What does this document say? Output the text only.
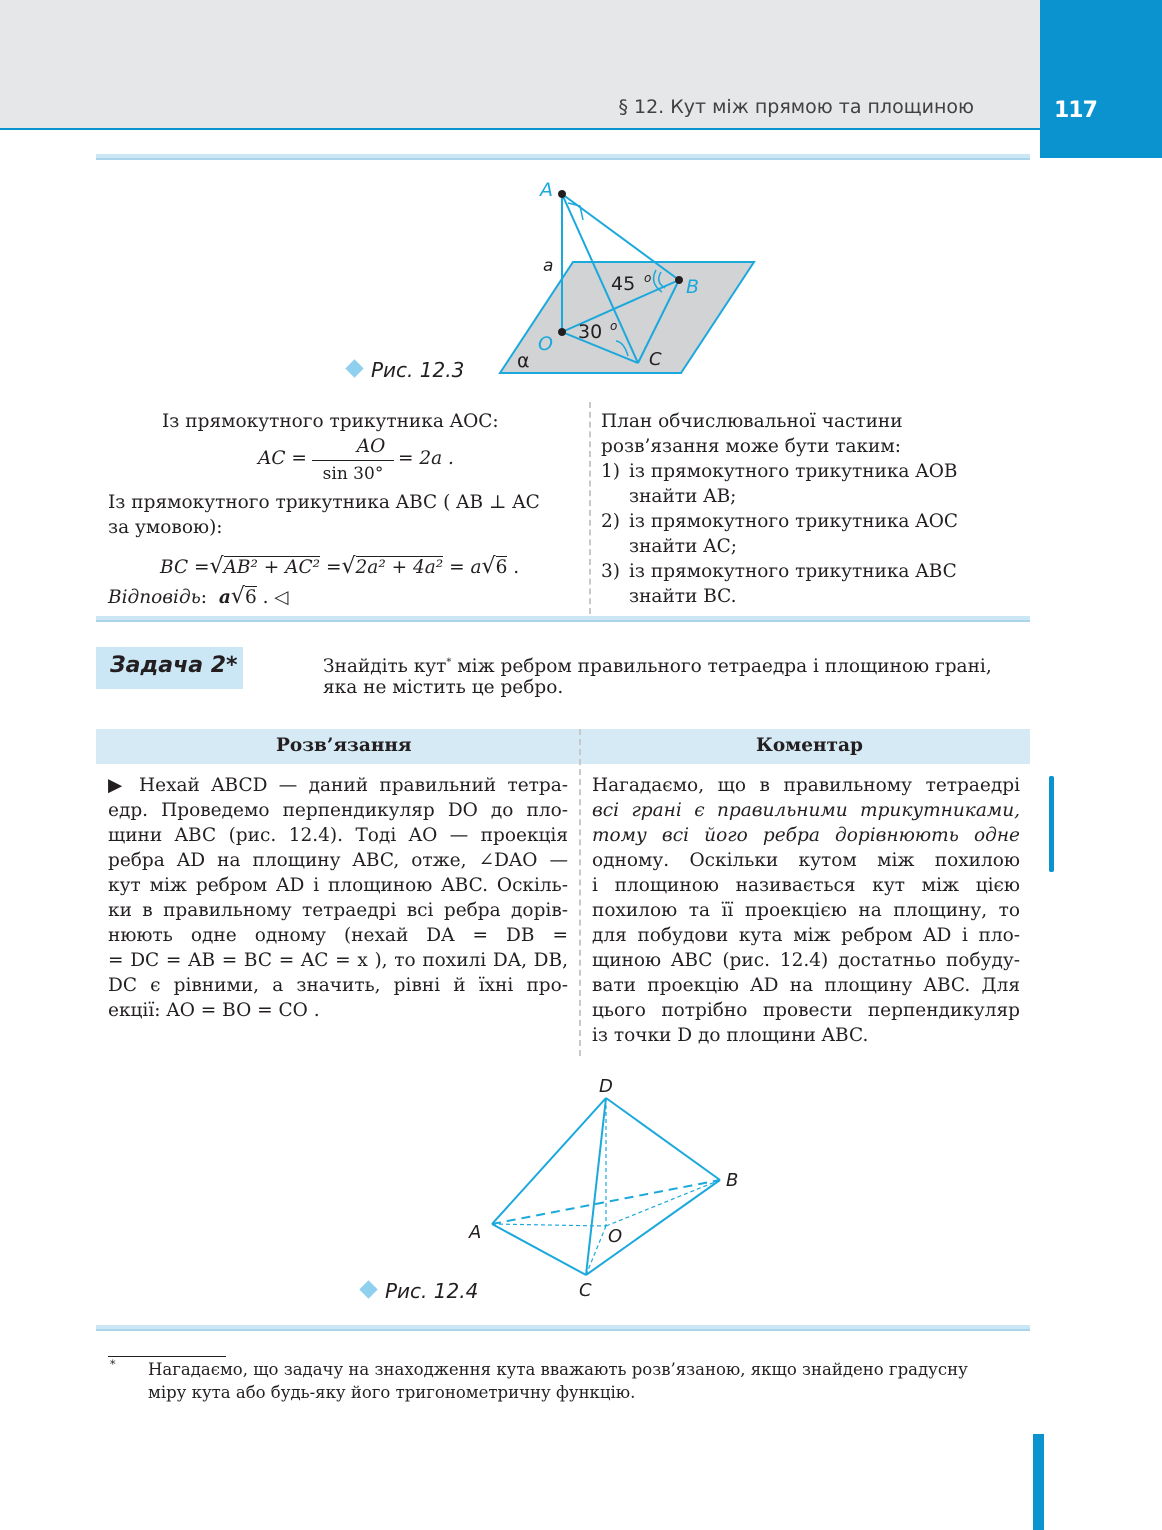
§ 12. Кут між прямою та площиною	117
A
B
O
C
a
α
45 o
30 o
Рис. 12.3
Із прямокутного трикутника AOC:
AC =
AO
sin 30°
= 2a .
Із прямокутного трикутника ABC ( AB ⊥ AC
за умовою):
BC =√AB² + AC² =√2a² + 4a² = a√6 .
Відповідь: a√6 . ◁
План обчислювальної частини
розв’язання може бути таким:
1) із прямокутного трикутника AOB
знайти AB;
2) із прямокутного трикутника AOC
знайти AC;
3) із прямокутного трикутника ABC
знайти BC.
Задача 2*	Знайдіть кут* між ребром правильного тетраедра і площиною грані,
яка не містить це ребро.
Розв’язання	Коментар
▶ Нехай ABCD — даний правильний тетра-
едр. Проведемо перпендикуляр DO до пло-
щини ABC (рис. 12.4). Тоді AO — проекція
ребра AD на площину ABC, отже, ∠DAO —
кут між ребром AD і площиною ABC. Оскіль-
ки в правильному тетраедрі всі ребра дорів-
нюють одне одному (нехай DA = DB =
= DC = AB = BC = AC = x ), то похилі DA, DB,
DC є рівними, а значить, рівні й їхні про-
екції: AO = BO = CO .
Нагадаємо, що в правильному тетраедрі
всі грані є правильними трикутниками,
тому всі його ребра дорівнюють одне
одному. Оскільки кутом між похилою
і площиною називається кут між цією
похилою та її проекцією на площину, то
для побудови кута між ребром AD і пло-
щиною ABC (рис. 12.4) достатньо побуду-
вати проекцію AD на площину ABC. Для
цього потрібно провести перпендикуляр
із точки D до площини ABC.
D
B
A	O
C
Рис. 12.4
* Нагадаємо, що задачу на знаходження кута вважають розв’язаною, якщо знайдено градусну
міру кута або будь-яку його тригонометричну функцію.
